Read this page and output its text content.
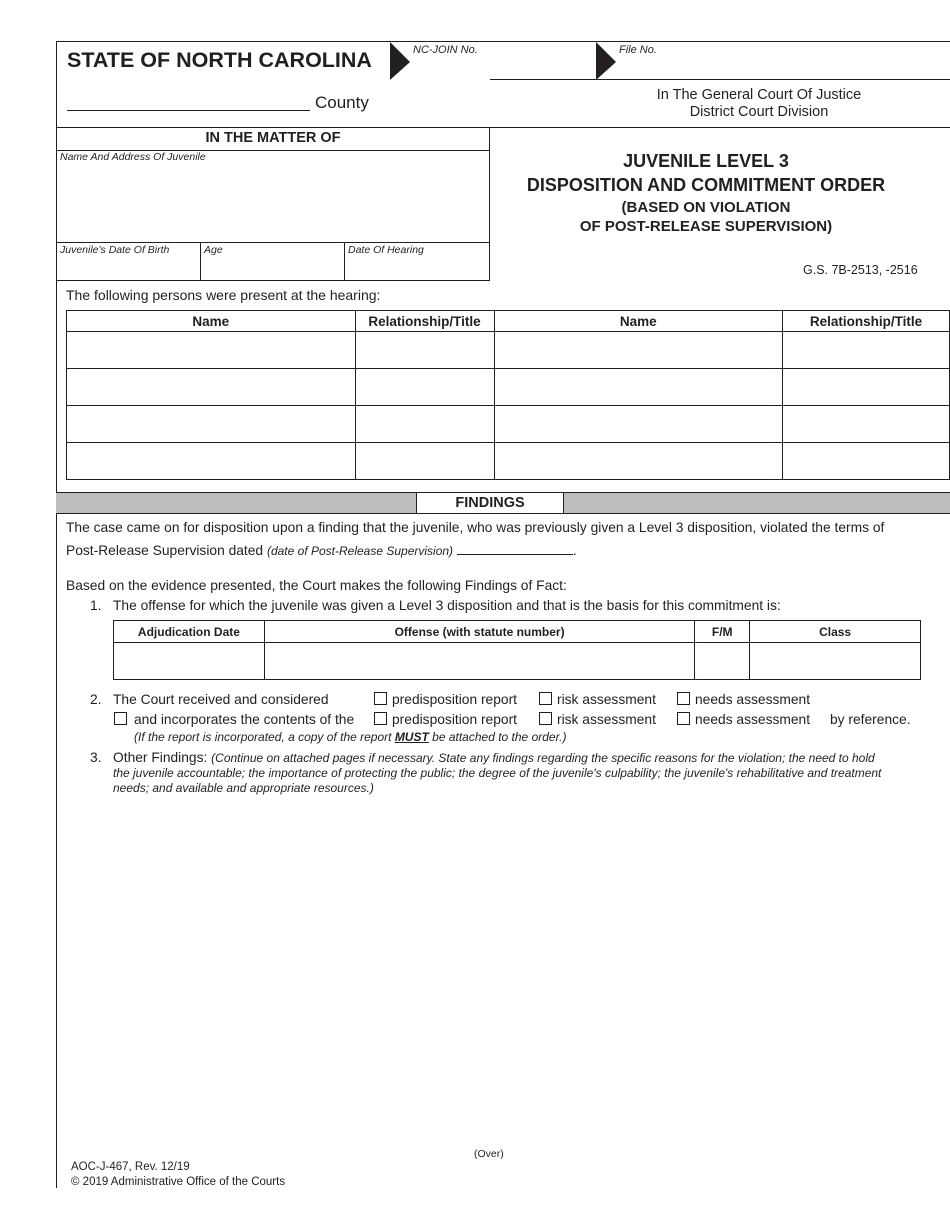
STATE OF NORTH CAROLINA	NC-JOIN No.	File No.
County	In The General Court Of Justice
District Court Division
IN THE MATTER OF
Name And Address Of Juvenile
Juvenile's Date Of Birth	Age	Date Of Hearing
JUVENILE LEVEL 3
DISPOSITION AND COMMITMENT ORDER
(BASED ON VIOLATION
OF POST-RELEASE SUPERVISION)
G.S. 7B-2513, -2516
The following persons were present at the hearing:
Name	Relationship/Title	Name	Relationship/Title

FINDINGS
The case came on for disposition upon a finding that the juvenile, who was previously given a Level 3 disposition, violated the terms of
Post-Release Supervision dated (date of Post-Release Supervision)	.
Based on the evidence presented, the Court makes the following Findings of Fact:
1. The offense for which the juvenile was given a Level 3 disposition and that is the basis for this commitment is:
Adjudication Date	Offense (with statute number)	F/M	Class

2. The Court received and considered	predisposition report	risk assessment	needs assessment
and incorporates the contents of the	predisposition report	risk assessment	needs assessment by reference.
(If the report is incorporated, a copy of the report MUST be attached to the order.)
3. Other Findings: (Continue on attached pages if necessary. State any findings regarding the specific reasons for the violation; the need to hold
the juvenile accountable; the importance of protecting the public; the degree of the juvenile's culpability; the juvenile's rehabilitative and treatment
needs; and available and appropriate resources.)
(Over)
AOC-J-467, Rev. 12/19
© 2019 Administrative Office of the Courts
